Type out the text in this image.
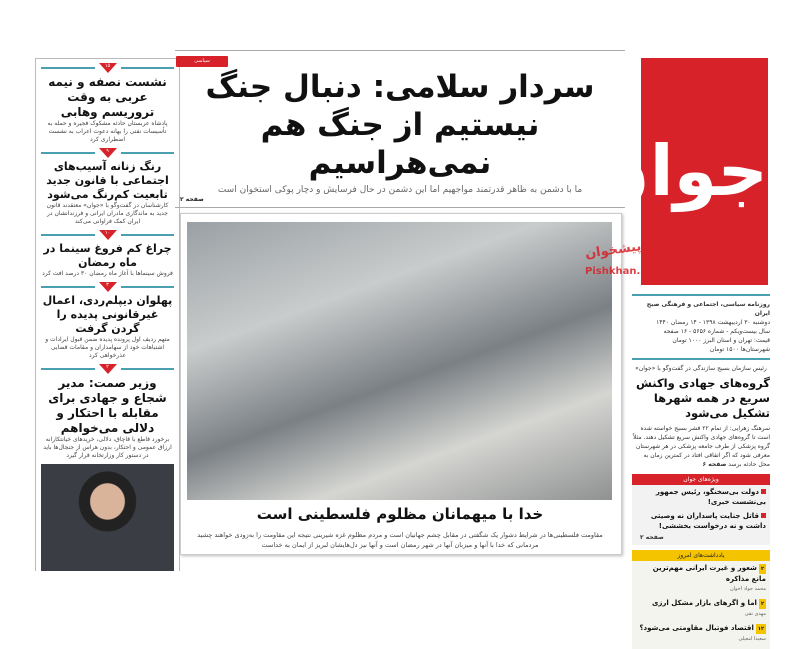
۱۵
نشست نصفه و نیمه عربی به وقت تروریسم وهابی
پادشاه عربستان حادثه مشکوک فجیره و حمله به تأسیسات نفتی را بهانه دعوت اعراب به نشست اضطراری کرد
۹
رنگ زنانه آسیب‌های اجتماعی با قانون جدید تابعیت کم‌رنگ می‌شود
کارشناسان در گفت‌وگو با «جوان» معتقدند قانون جدید به ماندگاری مادران ایرانی و فرزندانشان در ایران کمک فراوانی می‌کند
۱۰
چراغ کم فروغ سینما در ماه رمضان
فروش سینماها با آغاز ماه رمضان ۳۰ درصد افت کرد
۳
پهلوان دیپلم‌ردی، اعمال غیرقانونی پدیده را گردن گرفت
متهم ردیف اول پرونده پدیده ضمن قبول ایرادات و اشتباهات خود از سهامداران و مقامات قضایی عذرخواهی کرد
۲
وزیر صمت: مدیر شجاع و جهادی برای مقابله با احتکار و دلالی می‌خواهم
برخورد قاطع با قاچاق، دلالی، خریدهای خیانتکارانه ارزاق عمومی و احتکار، بدون هراس از جنجال‌ها باید در دستور کار وزارتخانه قرار گیرد
سیاسی
سردار سلامی: دنبال جنگ نیستیم از جنگ هم نمی‌هراسیم
ما با دشمن به ظاهر قدرتمند مواجهیم اما این دشمن در حال فرسایش و دچار پوکی استخوان است
صفحه ۲
خدا با میهمانان مظلوم فلسطینی است
مقاومت فلسطینی‌ها در شرایط دشوار یک شگفتی در مقابل چشم جهانیان است و مردم مظلوم غزه شیرینی نتیجه این مقاومت را به‌زودی خواهند چشید مردمانی که خدا با آنها و میزبان آنها در شهر رمضان است و آنها نیز دل‌هایشان لبریز از ایمان به خداست
جوان
پیشخوان
Pishkhan.net
روزنامه سیاسی، اجتماعی و فرهنگی صبح ایران
دوشنبه ۳۰ اردیبهشت ۱۳۹۸ - ۱۴ رمضان ۱۴۴۰
سال بیست‌ویکم - شماره ۵۶۵۶ - ۱۶ صفحه
قیمت: تهران و استان البرز ۱۰۰۰ تومان
شهرستان‌ها ۱۵۰۰ تومان
رئیس سازمان بسیج سازندگی در گفت‌وگو با «جوان»
گروه‌های جهادی واکنش سریع در همه شهرها تشکیل می‌شود
سرهنگ زهرایی: از تمام ۲۲ قشر بسیج خواسته شده است تا گروه‌های جهادی واکنش سریع تشکیل دهند. مثلاً گروه پزشکی از طرف جامعه پزشکی در هر شهرستان معرفی شود که اگر اتفاقی افتاد در کمترین زمان به محل حادثه برسد صفحه ۶
ویژه‌های جوان
دولت بی‌سخنگو، رئیس جمهور بی‌نشست خبری!
قاتل جنایت پاسداران نه وصیتی داشت و نه درخواست بخششی!
صفحه ۲
یادداشت‌های امروز
۲شعور و غیرت ایرانی مهم‌ترین مانع مذاکره
محمد جواد اخوان
۲اما و اگرهای بازار مشکل ارزی
مهدی تقی
۱۲اقتصاد فوتبال مقاومتی می‌شود؟
سعیدا امعیلی
